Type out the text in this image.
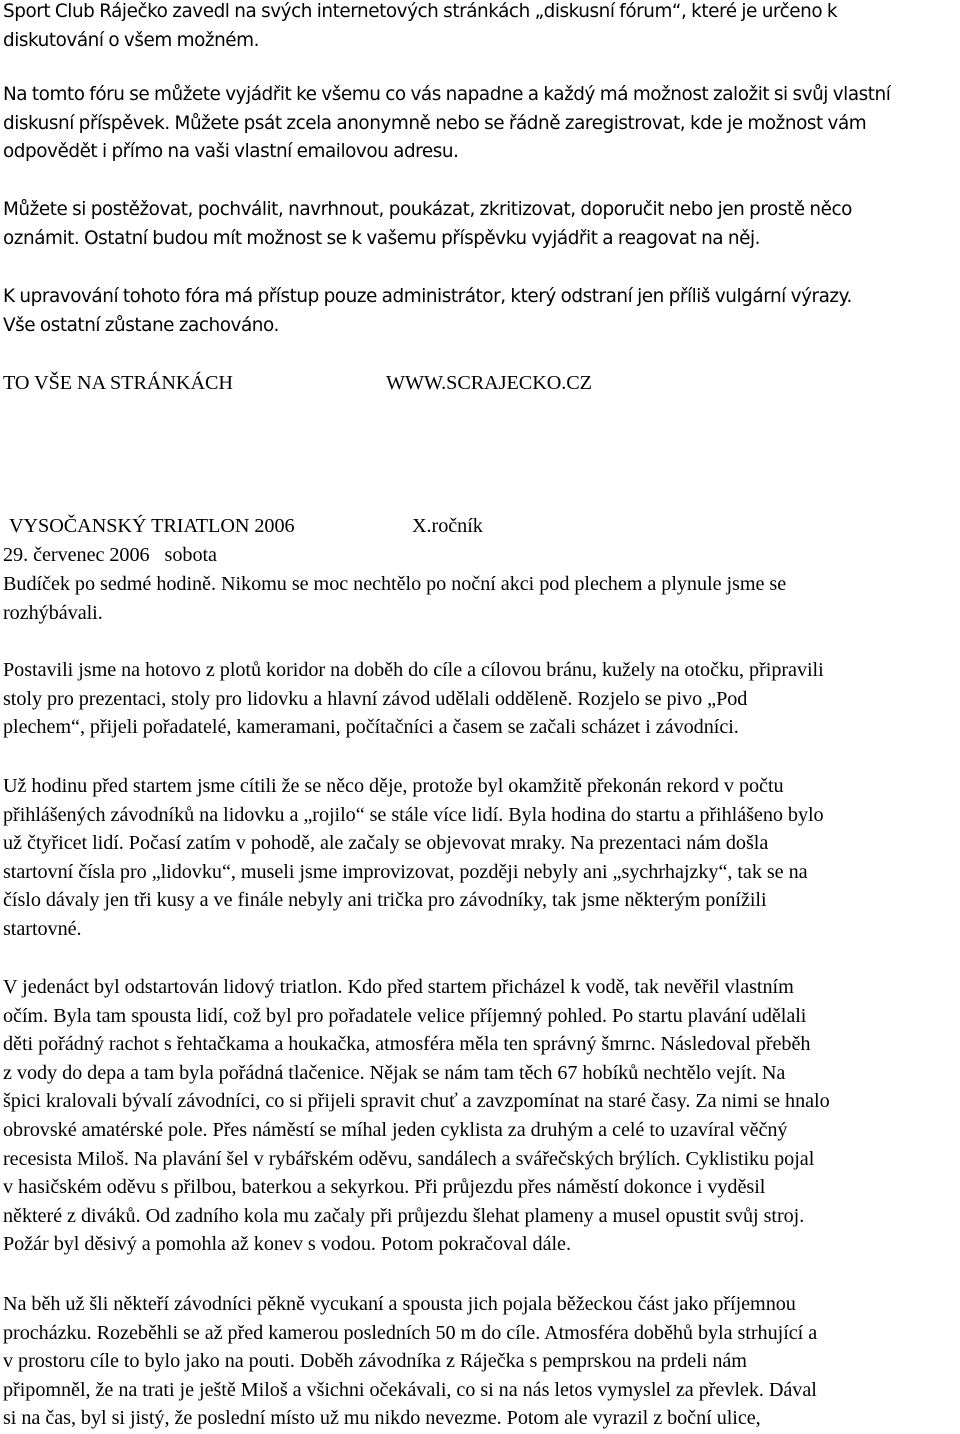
Sport Club Ráječko zavedl na svých internetových stránkách „diskusní fórum“, které je určeno k
diskutování o všem možném.
Na tomto fóru se můžete vyjádřit ke všemu co vás napadne a každý má možnost založit si svůj vlastní
diskusní příspěvek. Můžete psát zcela anonymně nebo se řádně zaregistrovat, kde je možnost vám
odpovědět i přímo na vaši vlastní emailovou adresu.
Můžete si postěžovat, pochválit, navrhnout, poukázat, zkritizovat, doporučit nebo jen prostě něco
oznámit. Ostatní budou mít možnost se k vašemu příspěvku vyjádřit a reagovat na něj.
K upravování tohoto fóra má přístup pouze administrátor, který odstraní jen příliš vulgární výrazy.
Vše ostatní zůstane zachováno.
TO VŠE NA STRÁNKÁCH	WWW.SCRAJECKO.CZ
VYSOČANSKÝ TRIATLON 2006	X.ročník
29. červenec 2006   sobota
Budíček po sedmé hodině. Nikomu se moc nechtělo po noční akci pod plechem a plynule jsme se
rozhýbávali.
Postavili jsme na hotovo z plotů koridor na doběh do cíle a cílovou bránu, kužely na otočku, připravili
stoly pro prezentaci, stoly pro lidovku a hlavní závod udělali odděleně. Rozjelo se pivo „Pod
plechem“, přijeli pořadatelé, kameramani, počítačníci a časem se začali scházet i závodníci.
Už hodinu před startem jsme cítili že se něco děje, protože byl okamžitě překonán rekord v počtu
přihlášených závodníků na lidovku a „rojilo“ se stále více lidí. Byla hodina do startu a přihlášeno bylo
už čtyřicet lidí. Počasí zatím v pohodě, ale začaly se objevovat mraky. Na prezentaci nám došla
startovní čísla pro „lidovku“, museli jsme improvizovat, později nebyly ani „sychrhajzky“, tak se na
číslo dávaly jen tři kusy a ve finále nebyly ani trička pro závodníky, tak jsme některým ponížili
startovné.
V jedenáct byl odstartován lidový triatlon. Kdo před startem přicházel k vodě, tak nevěřil vlastním
očím. Byla tam spousta lidí, což byl pro pořadatele velice příjemný pohled. Po startu plavání udělali
děti pořádný rachot s řehtačkama a houkačka, atmosféra měla ten správný šmrnc. Následoval přeběh
z vody do depa a tam byla pořádná tlačenice. Nějak se nám tam těch 67 hobíků nechtělo vejít. Na
špici kralovali bývalí závodníci, co si přijeli spravit chuť a zavzpomínat na staré časy. Za nimi se hnalo
obrovské amatérské pole. Přes náměstí se míhal jeden cyklista za druhým a celé to uzavíral věčný
recesista Miloš. Na plavání šel v rybářském oděvu, sandálech a svářečských brýlích. Cyklistiku pojal
v hasičském oděvu s přilbou, baterkou a sekyrkou. Při průjezdu přes náměstí dokonce i vyděsil
některé z diváků. Od zadního kola mu začaly při průjezdu šlehat plameny a musel opustit svůj stroj.
Požár byl děsivý a pomohla až konev s vodou. Potom pokračoval dále.
Na běh už šli někteří závodníci pěkně vycukaní a spousta jich pojala běžeckou část jako příjemnou
procházku. Rozeběhli se až před kamerou posledních 50 m do cíle. Atmosféra doběhů byla strhující a
v prostoru cíle to bylo jako na pouti. Doběh závodníka z Ráječka s pemprskou na prdeli nám
připomněl, že na trati je ještě Miloš a všichni očekávali, co si na nás letos vymyslel za převlek. Dával
si na čas, byl si jistý, že poslední místo už mu nikdo nevezme. Potom ale vyrazil z boční ulice,
